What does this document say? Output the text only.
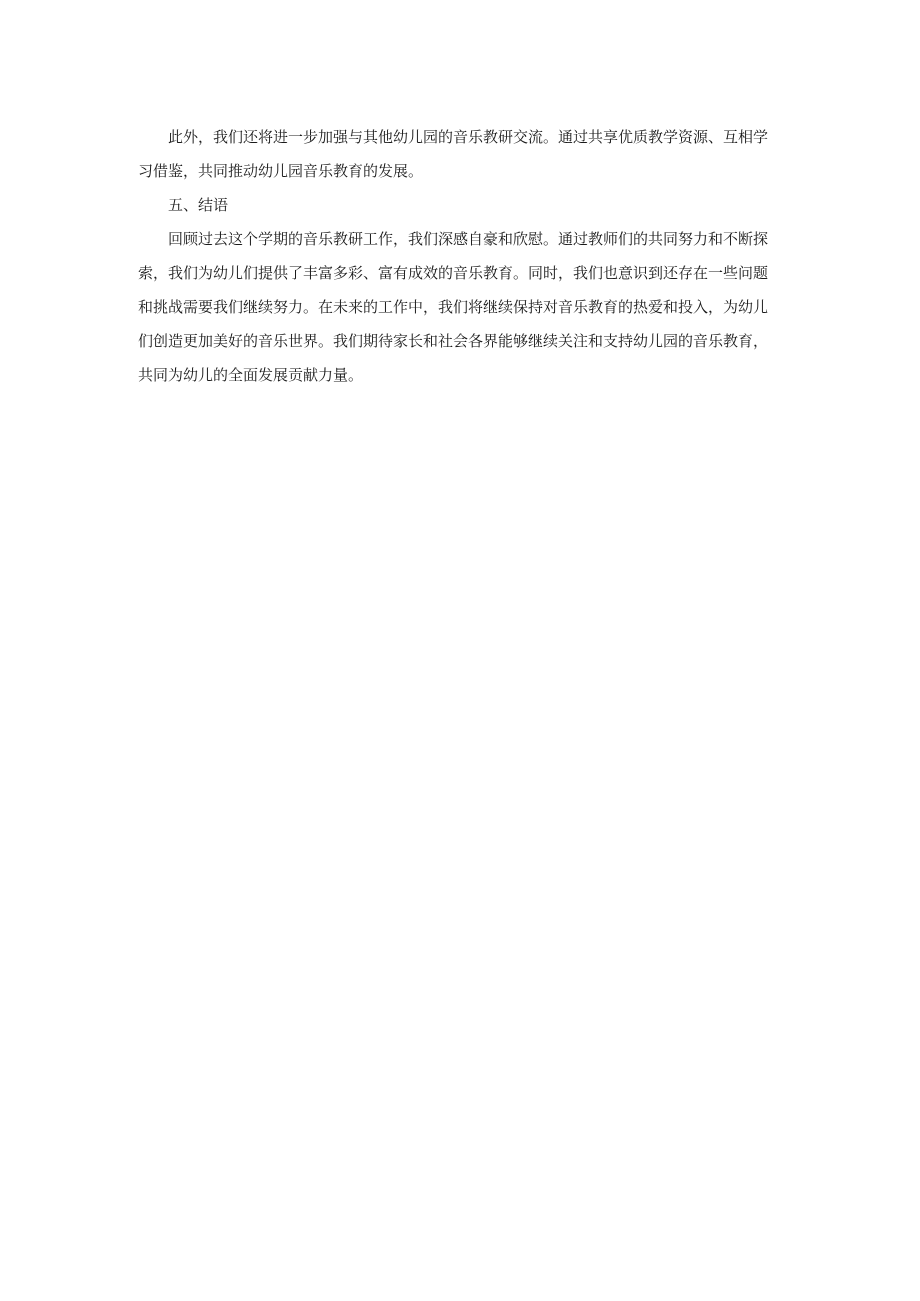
此外，我们还将进一步加强与其他幼儿园的音乐教研交流。通过共享优质教学资源、互相学
习借鉴，共同推动幼儿园音乐教育的发展。
五、结语
回顾过去这个学期的音乐教研工作，我们深感自豪和欣慰。通过教师们的共同努力和不断探
索，我们为幼儿们提供了丰富多彩、富有成效的音乐教育。同时，我们也意识到还存在一些问题
和挑战需要我们继续努力。在未来的工作中，我们将继续保持对音乐教育的热爱和投入，为幼儿
们创造更加美好的音乐世界。我们期待家长和社会各界能够继续关注和支持幼儿园的音乐教育，
共同为幼儿的全面发展贡献力量。
